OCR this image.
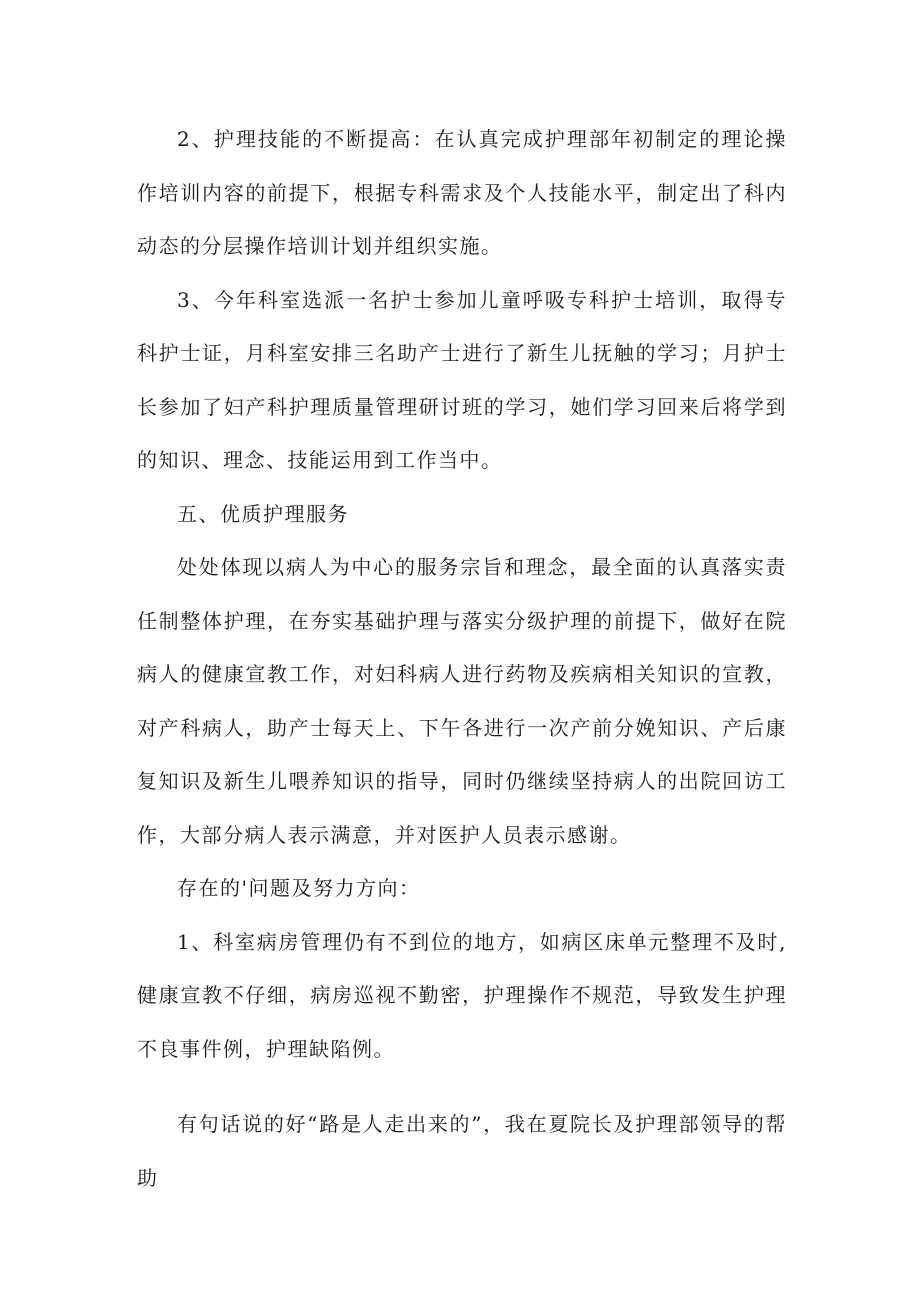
2、护理技能的不断提高：在认真完成护理部年初制定的理论操作培训内容的前提下，根据专科需求及个人技能水平，制定出了科内动态的分层操作培训计划并组织实施。

3、今年科室选派一名护士参加儿童呼吸专科护士培训，取得专科护士证，月科室安排三名助产士进行了新生儿抚触的学习；月护士长参加了妇产科护理质量管理研讨班的学习，她们学习回来后将学到的知识、理念、技能运用到工作当中。

五、优质护理服务

处处体现以病人为中心的服务宗旨和理念，最全面的认真落实责任制整体护理，在夯实基础护理与落实分级护理的前提下，做好在院病人的健康宣教工作，对妇科病人进行药物及疾病相关知识的宣教，对产科病人，助产士每天上、下午各进行一次产前分娩知识、产后康复知识及新生儿喂养知识的指导，同时仍继续坚持病人的出院回访工作，大部分病人表示满意，并对医护人员表示感谢。

存在的'问题及努力方向：

1、科室病房管理仍有不到位的地方，如病区床单元整理不及时,健康宣教不仔细，病房巡视不勤密，护理操作不规范，导致发生护理不良事件例，护理缺陷例。

有句话说的好“路是人走出来的”，我在夏院长及护理部领导的帮助
